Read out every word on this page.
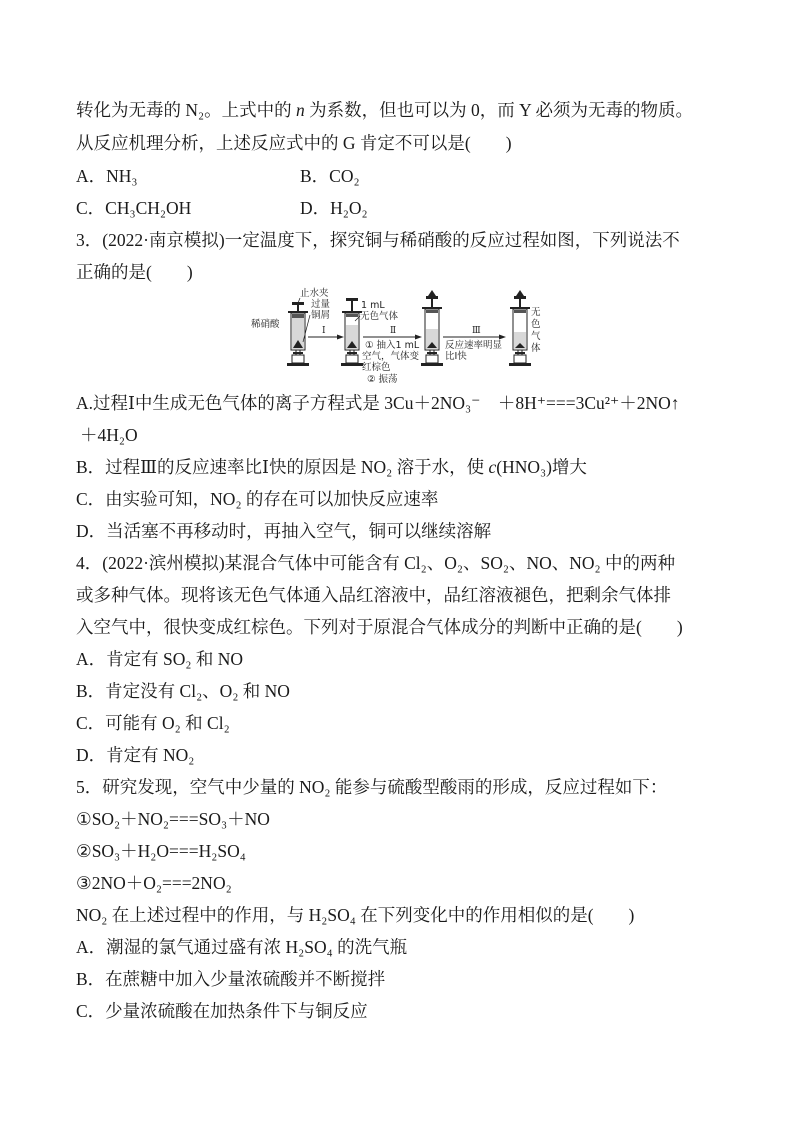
转化为无毒的 N₂。上式中的 n 为系数，但也可以为 0，而 Y 必须为无毒的物质。
从反应机理分析，上述反应式中的 G 肯定不可以是(　　)
A．NH₃	B．CO₂
C．CH₃CH₂OH	D．H₂O₂
3．(2022·南京模拟)一定温度下，探究铜与稀硝酸的反应过程如图，下列说法不
正确的是(　　)
稀硝酸
止水夹
过量
铜屑
Ⅰ
1 mL
无色气体
Ⅱ
① 抽入1 mL
空气，气体变
红棕色
② 振荡
Ⅲ
反应速率明显
比Ⅰ快
无
色
气
体
A.过程Ⅰ中生成无色气体的离子方程式是 3Cu＋2NO₃⁻　＋8H⁺===3Cu²⁺＋2NO↑
＋4H₂O
B．过程Ⅲ的反应速率比Ⅰ快的原因是 NO₂ 溶于水，使 c(HNO₃)增大
C．由实验可知，NO₂ 的存在可以加快反应速率
D．当活塞不再移动时，再抽入空气，铜可以继续溶解
4．(2022·滨州模拟)某混合气体中可能含有 Cl₂、O₂、SO₂、NO、NO₂ 中的两种
或多种气体。现将该无色气体通入品红溶液中，品红溶液褪色，把剩余气体排
入空气中，很快变成红棕色。下列对于原混合气体成分的判断中正确的是(　　)
A．肯定有 SO₂ 和 NO
B．肯定没有 Cl₂、O₂ 和 NO
C．可能有 O₂ 和 Cl₂
D．肯定有 NO₂
5．研究发现，空气中少量的 NO₂ 能参与硫酸型酸雨的形成，反应过程如下：
①SO₂＋NO₂===SO₃＋NO
②SO₃＋H₂O===H₂SO₄
③2NO＋O₂===2NO₂
NO₂ 在上述过程中的作用，与 H₂SO₄ 在下列变化中的作用相似的是(　　)
A．潮湿的氯气通过盛有浓 H₂SO₄ 的洗气瓶
B．在蔗糖中加入少量浓硫酸并不断搅拌
C．少量浓硫酸在加热条件下与铜反应
